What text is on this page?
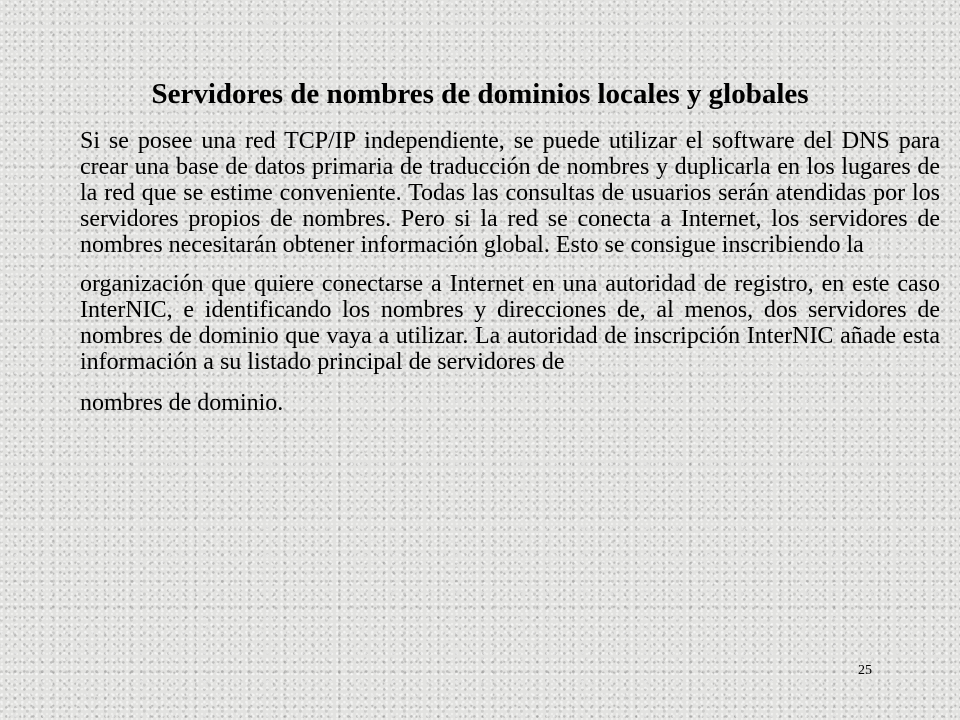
Servidores de nombres de dominios locales y globales

Si se posee una red TCP/IP independiente, se puede utilizar el software del DNS para crear una base de datos primaria de traducción de nombres y duplicarla en los lugares de la red que se estime conveniente. Todas las consultas de usuarios serán atendidas por los servidores propios de nombres. Pero si la red se conecta a Internet, los servidores de nombres necesitarán obtener información global. Esto se consigue inscribiendo la

organización que quiere conectarse a Internet en una autoridad de registro, en este caso InterNIC, e identificando los nombres y direcciones de, al menos, dos servidores de nombres de dominio que vaya a utilizar. La autoridad de inscripción InterNIC añade esta información a su listado principal de servidores de

nombres de dominio.

25
